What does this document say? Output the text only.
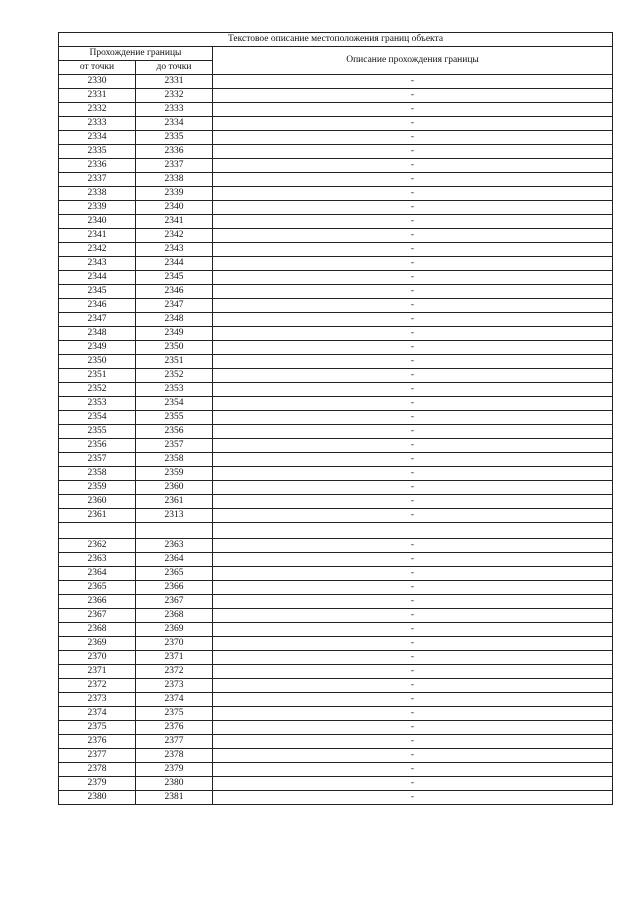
Текстовое описание местоположения границ объекта		
Прохождение границы		Описание прохождения границы
от точки	до точки	
2330	2331	-
2331	2332	-
2332	2333	-
2333	2334	-
2334	2335	-
2335	2336	-
2336	2337	-
2337	2338	-
2338	2339	-
2339	2340	-
2340	2341	-
2341	2342	-
2342	2343	-
2343	2344	-
2344	2345	-
2345	2346	-
2346	2347	-
2347	2348	-
2348	2349	-
2349	2350	-
2350	2351	-
2351	2352	-
2352	2353	-
2353	2354	-
2354	2355	-
2355	2356	-
2356	2357	-
2357	2358	-
2358	2359	-
2359	2360	-
2360	2361	-
2361	2313	-

2362	2363	-
2363	2364	-
2364	2365	-
2365	2366	-
2366	2367	-
2367	2368	-
2368	2369	-
2369	2370	-
2370	2371	-
2371	2372	-
2372	2373	-
2373	2374	-
2374	2375	-
2375	2376	-
2376	2377	-
2377	2378	-
2378	2379	-
2379	2380	-
2380	2381	-
